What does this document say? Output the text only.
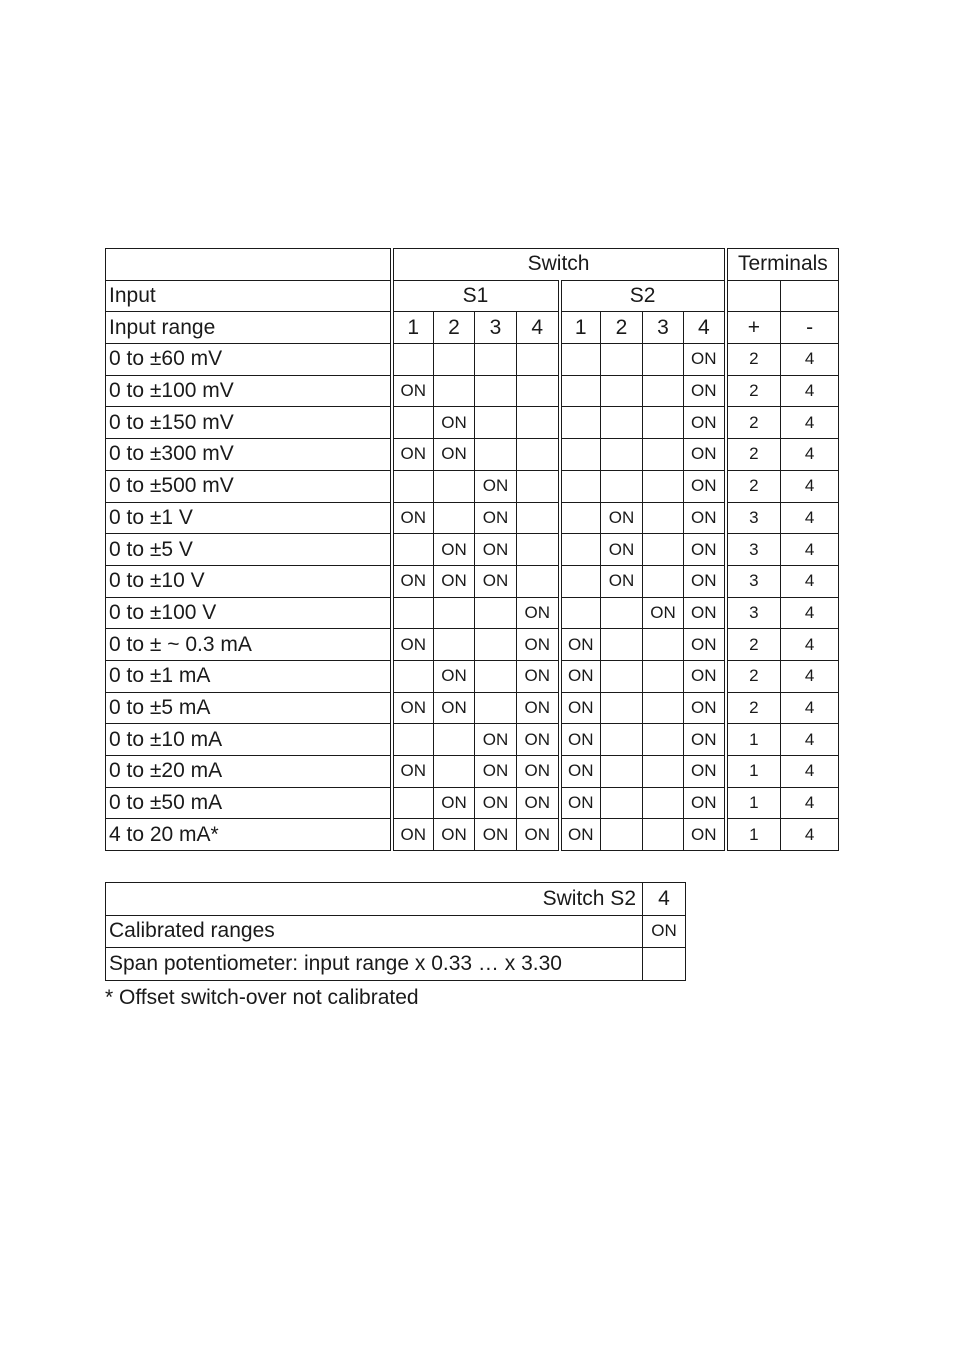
	Switch								Terminals	
Input	S1				S2					
Input range	1	2	3	4	1	2	3	4	+	-
0 to ±60 mV								ON	2	4
0 to ±100 mV	ON							ON	2	4
0 to ±150 mV		ON						ON	2	4
0 to ±300 mV	ON	ON						ON	2	4
0 to ±500 mV			ON					ON	2	4
0 to ±1 V	ON		ON			ON		ON	3	4
0 to ±5 V		ON	ON			ON		ON	3	4
0 to ±10 V	ON	ON	ON			ON		ON	3	4
0 to ±100 V				ON			ON	ON	3	4
0 to ± ~ 0.3 mA	ON			ON	ON			ON	2	4
0 to ±1 mA		ON		ON	ON			ON	2	4
0 to ±5 mA	ON	ON		ON	ON			ON	2	4
0 to ±10 mA			ON	ON	ON			ON	1	4
0 to ±20 mA	ON		ON	ON	ON			ON	1	4
0 to ±50 mA		ON	ON	ON	ON			ON	1	4
4 to 20 mA*	ON	ON	ON	ON	ON			ON	1	4
Switch S2	4
Calibrated ranges	ON
Span potentiometer: input range x 0.33 … x 3.30	
* Offset switch-over not calibrated
